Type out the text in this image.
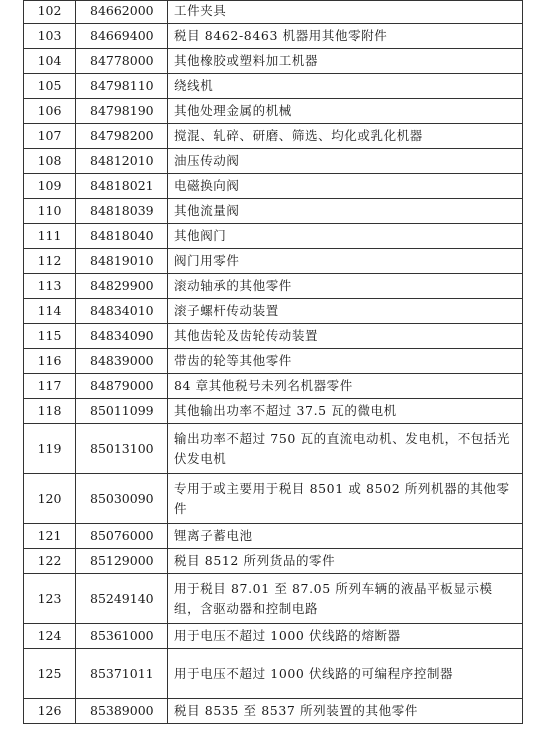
102	84662000	工件夹具
103	84669400	税目 8462-8463 机器用其他零附件
104	84778000	其他橡胶或塑料加工机器
105	84798110	绕线机
106	84798190	其他处理金属的机械
107	84798200	搅混、轧碎、研磨、筛选、均化或乳化机器
108	84812010	油压传动阀
109	84818021	电磁换向阀
110	84818039	其他流量阀
111	84818040	其他阀门
112	84819010	阀门用零件
113	84829900	滚动轴承的其他零件
114	84834010	滚子螺杆传动装置
115	84834090	其他齿轮及齿轮传动装置
116	84839000	带齿的轮等其他零件
117	84879000	84 章其他税号未列名机器零件
118	85011099	其他输出功率不超过 37.5 瓦的微电机
119	85013100	输出功率不超过 750 瓦的直流电动机、发电机，不包括光伏发电机
120	85030090	专用于或主要用于税目 8501 或 8502 所列机器的其他零件
121	85076000	锂离子蓄电池
122	85129000	税目 8512 所列货品的零件
123	85249140	用于税目 87.01 至 87.05 所列车辆的液晶平板显示模组，含驱动器和控制电路
124	85361000	用于电压不超过 1000 伏线路的熔断器
125	85371011	用于电压不超过 1000 伏线路的可编程序控制器
126	85389000	税目 8535 至 8537 所列装置的其他零件
